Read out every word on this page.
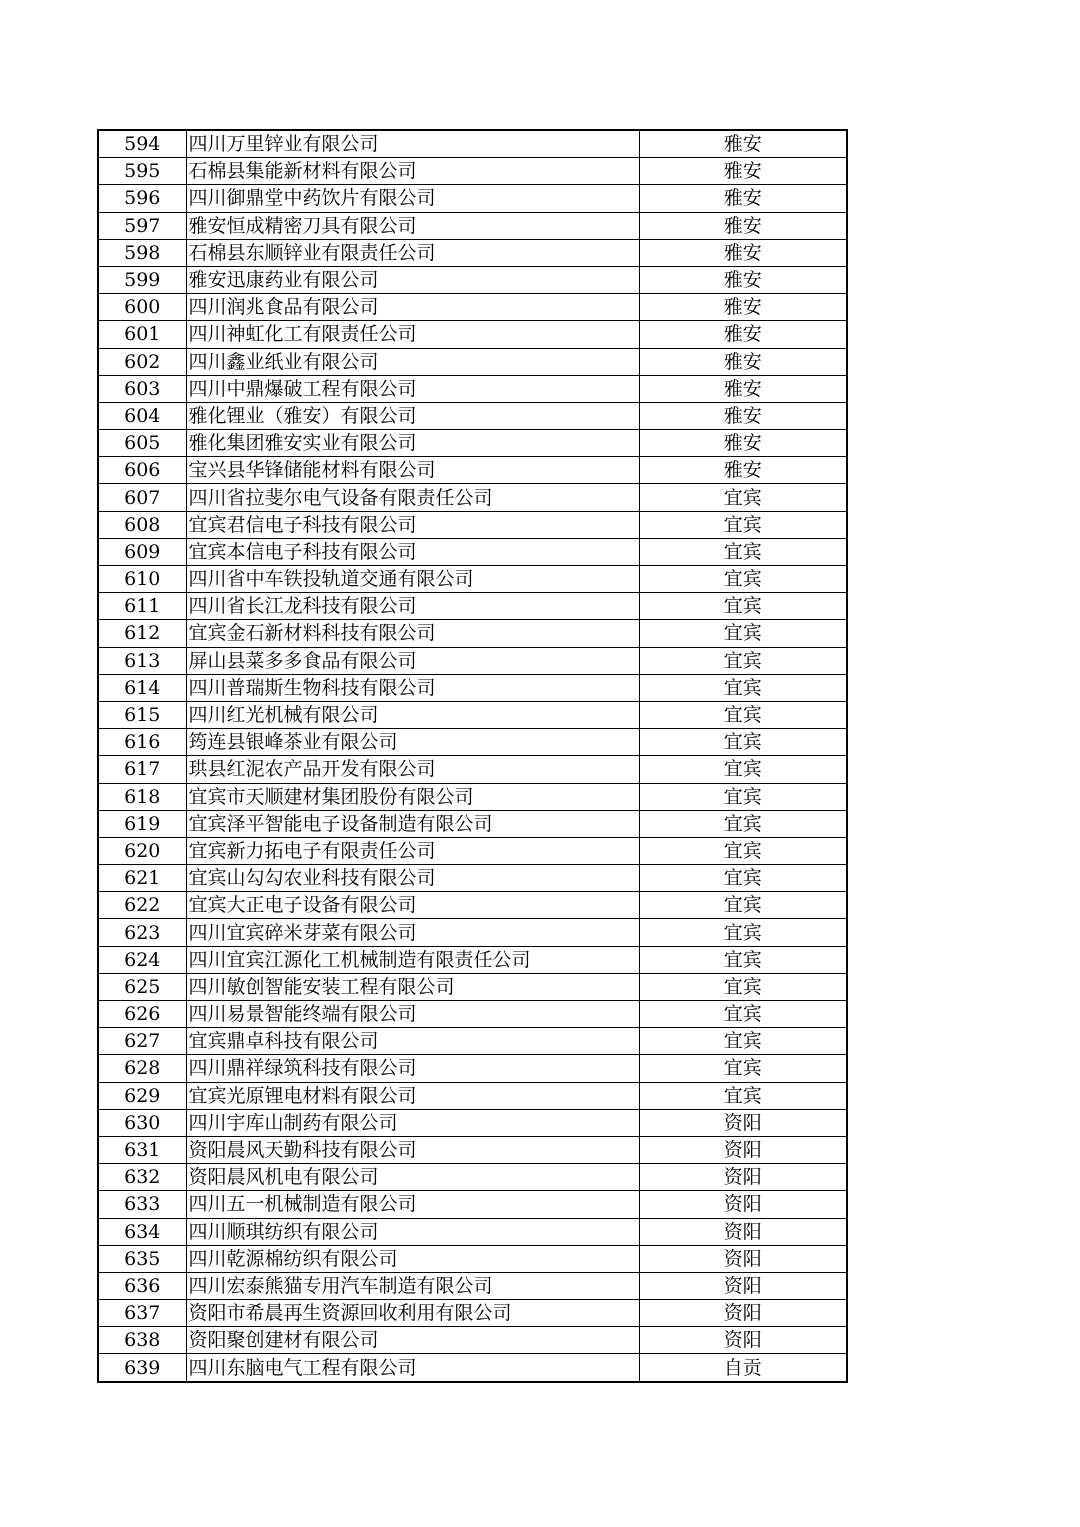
594	四川万里锌业有限公司	雅安
595	石棉县集能新材料有限公司	雅安
596	四川御鼎堂中药饮片有限公司	雅安
597	雅安恒成精密刀具有限公司	雅安
598	石棉县东顺锌业有限责任公司	雅安
599	雅安迅康药业有限公司	雅安
600	四川润兆食品有限公司	雅安
601	四川神虹化工有限责任公司	雅安
602	四川鑫业纸业有限公司	雅安
603	四川中鼎爆破工程有限公司	雅安
604	雅化锂业（雅安）有限公司	雅安
605	雅化集团雅安实业有限公司	雅安
606	宝兴县华锋储能材料有限公司	雅安
607	四川省拉斐尔电气设备有限责任公司	宜宾
608	宜宾君信电子科技有限公司	宜宾
609	宜宾本信电子科技有限公司	宜宾
610	四川省中车铁投轨道交通有限公司	宜宾
611	四川省长江龙科技有限公司	宜宾
612	宜宾金石新材料科技有限公司	宜宾
613	屏山县菜多多食品有限公司	宜宾
614	四川普瑞斯生物科技有限公司	宜宾
615	四川红光机械有限公司	宜宾
616	筠连县银峰茶业有限公司	宜宾
617	珙县红泥农产品开发有限公司	宜宾
618	宜宾市天顺建材集团股份有限公司	宜宾
619	宜宾泽平智能电子设备制造有限公司	宜宾
620	宜宾新力拓电子有限责任公司	宜宾
621	宜宾山勾勾农业科技有限公司	宜宾
622	宜宾大正电子设备有限公司	宜宾
623	四川宜宾碎米芽菜有限公司	宜宾
624	四川宜宾江源化工机械制造有限责任公司	宜宾
625	四川敏创智能安装工程有限公司	宜宾
626	四川易景智能终端有限公司	宜宾
627	宜宾鼎卓科技有限公司	宜宾
628	四川鼎祥绿筑科技有限公司	宜宾
629	宜宾光原锂电材料有限公司	宜宾
630	四川宇库山制药有限公司	资阳
631	资阳晨风天勤科技有限公司	资阳
632	资阳晨风机电有限公司	资阳
633	四川五一机械制造有限公司	资阳
634	四川顺琪纺织有限公司	资阳
635	四川乾源棉纺织有限公司	资阳
636	四川宏泰熊猫专用汽车制造有限公司	资阳
637	资阳市希晨再生资源回收利用有限公司	资阳
638	资阳聚创建材有限公司	资阳
639	四川东脑电气工程有限公司	自贡
